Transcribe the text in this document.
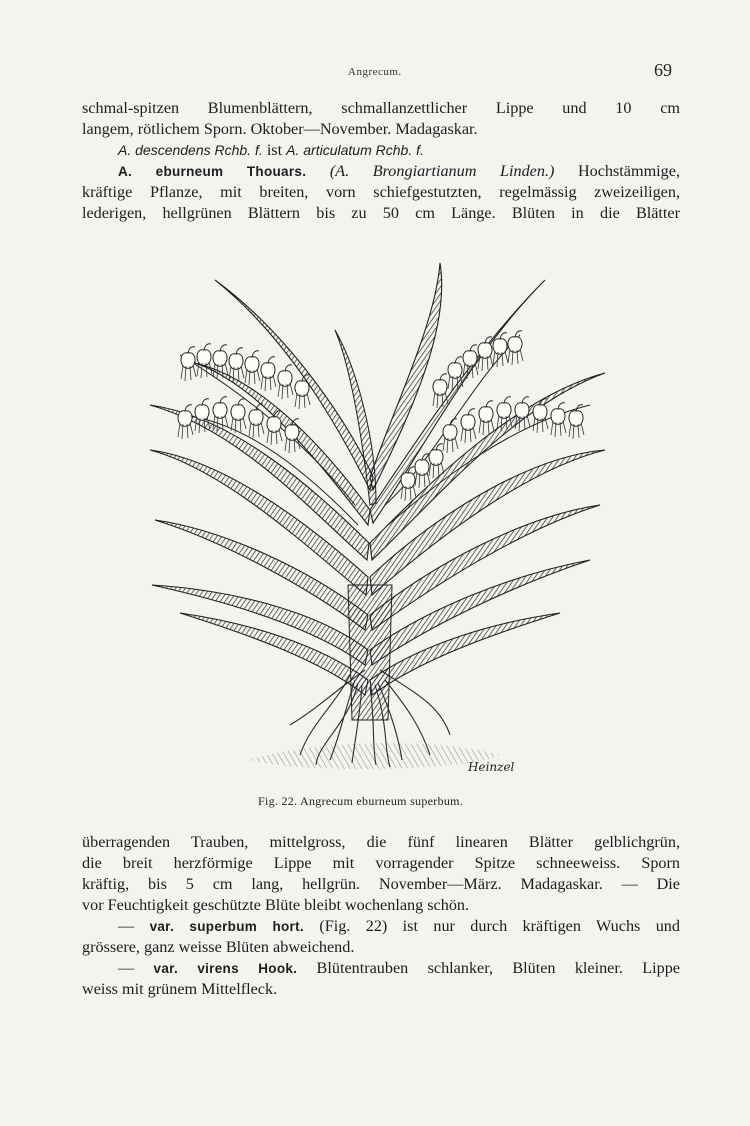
Angrecum.	69
schmal-spitzen Blumenblättern, schmallanzettlicher Lippe und 10 cm
langem, rötlichem Sporn. Oktober—November. Madagaskar.
A. descendens Rchb. f. ist A. articulatum Rchb. f.
A. eburneum Thouars. (A. Brongiartianum Linden.) Hochstämmige,
kräftige Pflanze, mit breiten, vorn schiefgestutzten, regelmässig zweizeiligen,
lederigen, hellgrünen Blättern bis zu 50 cm Länge. Blüten in die Blätter
Heinzel
Fig. 22. Angrecum eburneum superbum.
überragenden Trauben, mittelgross, die fünf linearen Blätter gelblichgrün,
die breit herzförmige Lippe mit vorragender Spitze schneeweiss. Sporn
kräftig, bis 5 cm lang, hellgrün. November—März. Madagaskar. — Die
vor Feuchtigkeit geschützte Blüte bleibt wochenlang schön.
— var. superbum hort. (Fig. 22) ist nur durch kräftigen Wuchs und
grössere, ganz weisse Blüten abweichend.
— var. virens Hook. Blütentrauben schlanker, Blüten kleiner. Lippe
weiss mit grünem Mittelfleck.
